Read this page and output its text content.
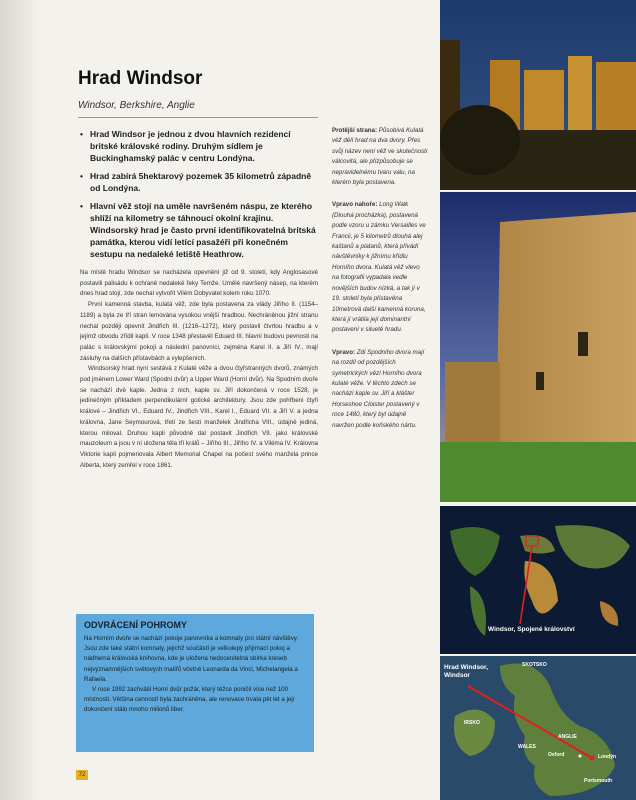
Hrad Windsor
Windsor, Berkshire, Anglie
• Hrad Windsor je jednou z dvou hlavních rezidencí britské královské rodiny. Druhým sídlem je Buckinghamský palác v centru Londýna.
• Hrad zabírá 5hektarový pozemek 35 kilometrů západně od Londýna.
• Hlavní věž stojí na uměle navršeném náspu, ze kterého shlíží na kilometry se táhnoucí okolní krajinu. Windsorský hrad je často první identifikovatelná britská památka, kterou vidí letící pasažéři při konečném sestupu na nedaleké letiště Heathrow.

Na místě hradu Windsor se nacházela opevnění již od 9. století, kdy Anglosasové postavili palisádu k ochraně nedaleké řeky Temže. Umělé navršený násep, na kterém dnes hrad stojí, zde nechal vytvořit Vilém Dobyvatel kolem roku 1070.

První kamenná stavba, kulatá věž, zde byla postavena za vlády Jiřího II. (1154–1189) a byla ze tří stran lemována vysokou vnější hradbou. Nechráněnou jižní stranu nechal později opevnit Jindřich III. (1216–1272), který postavil čtvrtou hradbu a v jejímž obvodu zřídil kapli. V roce 1348 přestavěl Eduard III. hlavní budovu pevnosti na palác s královskými pokoji a následní panovníci, zejména Karel II. a Jiří IV., mají zásluhy na dalších přístavbách a vylepšeních.

Windsorský hrad nyní sestává z Kulaté věže a dvou čtyřstranných dvorů, známých pod jménem Lower Ward (Spodní dvůr) a Upper Ward (Horní dvůr). Na Spodním dvoře se nachází dvě kaple. Jedna z nich, kaple sv. Jiří dokončená v roce 1528, je jedinečným příkladem perpendikulární gotické architektury. Jsou zde pohřbeni čtyři králové – Jindřich VI., Eduard IV., Jindřich VIII., Karel I., Eduard VII. a Jiří V. a jedna královna, Jane Seymourová, třetí ze šesti manželek Jindřicha VIII., údajně jediná, kterou miloval. Druhou kapli původně dal postavit Jindřich VII. jako královské mauzoleum a jsou v ní uložena těla tří králů – Jiřího III., Jiřího IV. a Viléma IV. Královna Viktorie kapli pojmenovala Albert Memorial Chapel na počest svého manžela prince Alberta, který zemřel v roce 1861.

Protější strana: Působivá Kulatá věž dělí hrad na dva dvory. Přes svůj název není věž ve skutečnosti válcovitá, ale přizpůsobuje se nepravidelnému tvaru valu, na kterém byla postavena.

Vpravo nahoře: Long Walk (Dlouhá procházka), postavená podle vzoru u zámku Versailles ve Francii, je 5 kilometrů dlouhá alej kaštanů a platanů, která přivádí návštěvníky k jižnímu křídlu Horního dvora. Kulatá věž vlevo na fotografii vypadala vedle novějších budov nízká, a tak jí v 19. století byla přistavěna 10metrová další kamenná koruna, která jí vrátila její dominantní postavení v siluetě hradu.

Vpravo: Zdi Spodního dvora mají na rozdíl od pozdějších symetrických vězí Horního dvora kulaté věže. V těchto zdech se nachází kaple sv. Jiří a klášter Horseshoe Cloister postavený v roce 1480, který byl údajně navržen podle koňského nártu.

ODVRÁCENÍ POHROMY

Na Horním dvoře se nachází pokoje panovníka a komnaty pro státní návštěvy. Jsou zde také státní komnaty, jejichž součástí je velkolepý přijímací pokoj a nádherná královská knihovna, kde je uložena nedocenitelná sbírka kreseb nejvýznamnějších světových malířů včetně Leonarda da Vinci, Michelangela a Rafaela.

V roce 1992 zachvátil Horní dvůr požár, který těžce poničil více než 100 místností. Většina cenností byla zachráněna, ale renovace trvala pět let a její dokončení stálo mnoho milionů liber.

72
Windsor, Spojené království
Hrad Windsor, Windsor
SKOTSKO
IRSKO
ANGLIE
WALES
Oxford	Londýn
Portsmouth
